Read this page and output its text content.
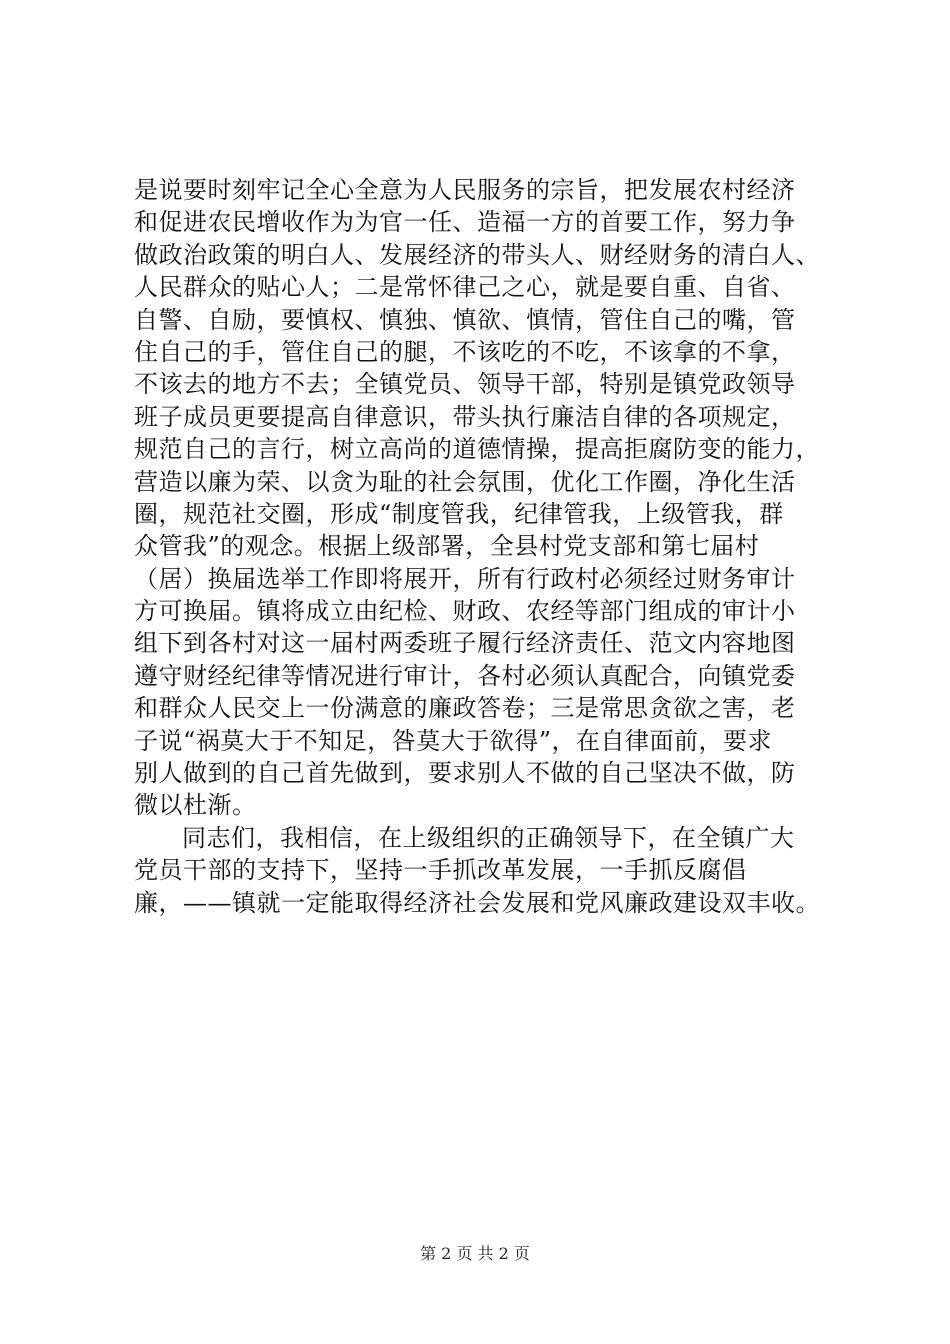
是说要时刻牢记全心全意为人民服务的宗旨，把发展农村经济
和促进农民增收作为为官一任、造福一方的首要工作，努力争
做政治政策的明白人、发展经济的带头人、财经财务的清白人、
人民群众的贴心人；二是常怀律己之心，就是要自重、自省、
自警、自励，要慎权、慎独、慎欲、慎情，管住自己的嘴，管
住自己的手，管住自己的腿，不该吃的不吃，不该拿的不拿，
不该去的地方不去；全镇党员、领导干部，特别是镇党政领导
班子成员更要提高自律意识，带头执行廉洁自律的各项规定，
规范自己的言行，树立高尚的道德情操，提高拒腐防变的能力，
营造以廉为荣、以贪为耻的社会氛围，优化工作圈，净化生活
圈，规范社交圈，形成“制度管我，纪律管我，上级管我，群
众管我”的观念。根据上级部署，全县村党支部和第七届村
（居）换届选举工作即将展开，所有行政村必须经过财务审计
方可换届。镇将成立由纪检、财政、农经等部门组成的审计小
组下到各村对这一届村两委班子履行经济责任、范文内容地图
遵守财经纪律等情况进行审计，各村必须认真配合，向镇党委
和群众人民交上一份满意的廉政答卷；三是常思贪欲之害，老
子说“祸莫大于不知足，咎莫大于欲得”，在自律面前，要求
别人做到的自己首先做到，要求别人不做的自己坚决不做，防
微以杜渐。
同志们，我相信，在上级组织的正确领导下，在全镇广大
党员干部的支持下，坚持一手抓改革发展，一手抓反腐倡
廉，——镇就一定能取得经济社会发展和党风廉政建设双丰收。
第 2 页 共 2 页
